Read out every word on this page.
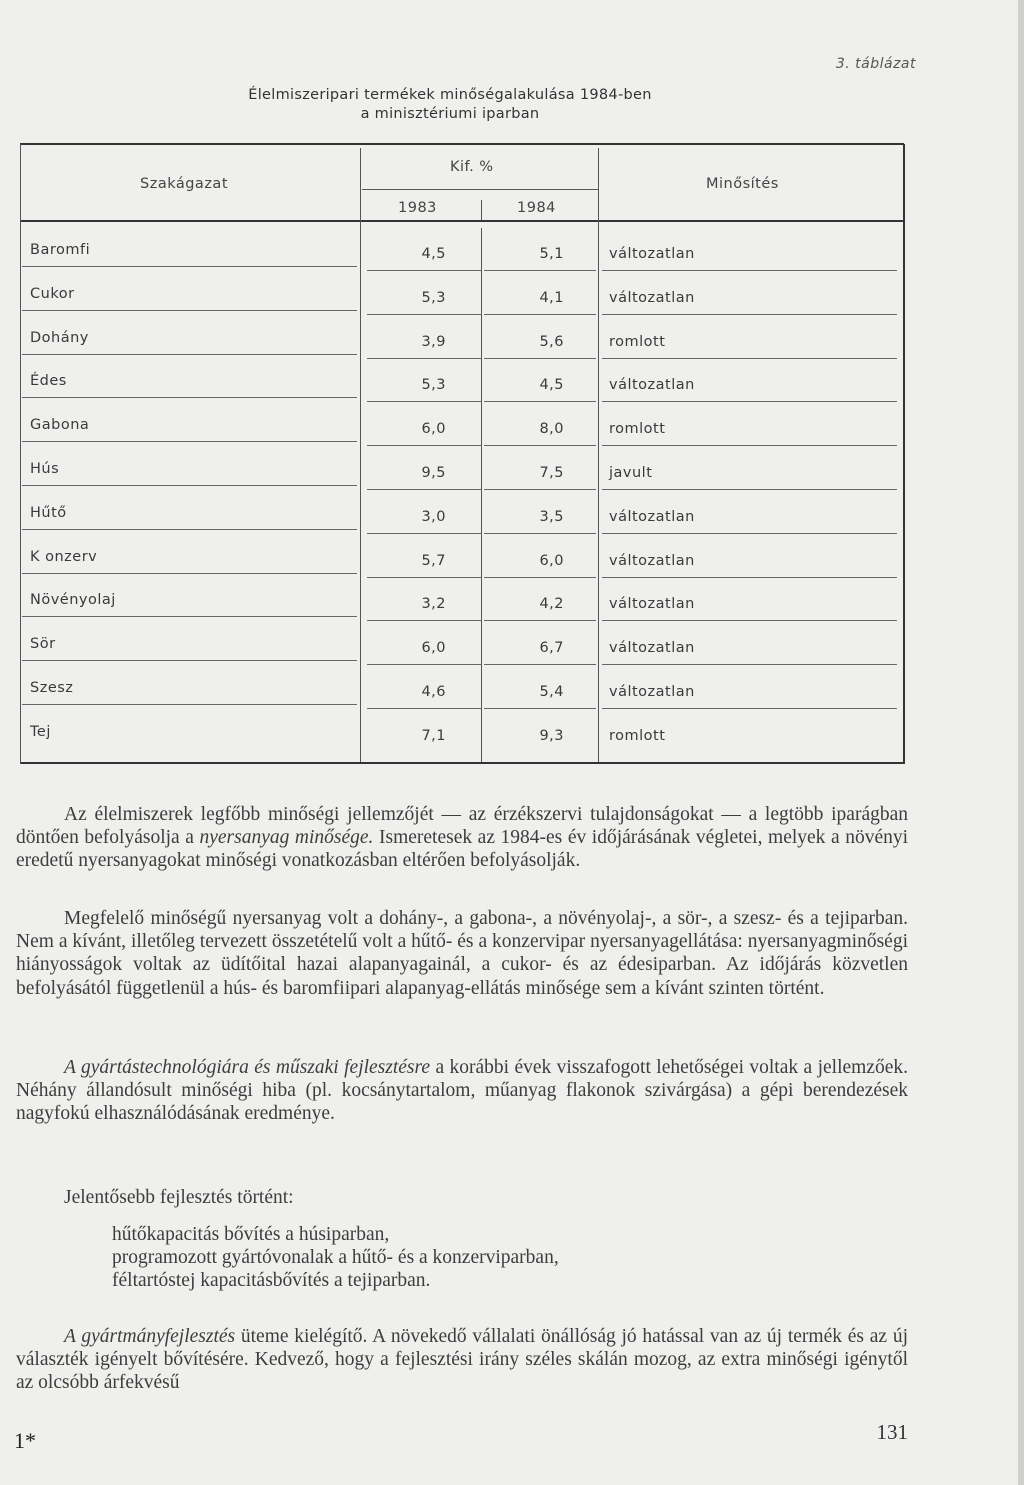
3. táblázat
Élelmiszeripari termékek minőségalakulása 1984-ben
a minisztériumi iparban
Szakágazat
Kif. %
1983	1984
Minősítés
Baromfi	4,5	5,1	változatlan
Cukor	5,3	4,1	változatlan
Dohány	3,9	5,6	romlott
Édes	5,3	4,5	változatlan
Gabona	6,0	8,0	romlott
Hús	9,5	7,5	javult
Hűtő	3,0	3,5	változatlan
K onzerv	5,7	6,0	változatlan
Növényolaj	3,2	4,2	változatlan
Sör	6,0	6,7	változatlan
Szesz	4,6	5,4	változatlan
Tej	7,1	9,3	romlott

Az élelmiszerek legfőbb minőségi jellemzőjét — az érzékszervi tulajdonságokat — a legtöbb iparágban döntően befolyásolja a nyersanyag minősége. Ismeretesek az 1984-es év időjárásának végletei, melyek a növényi eredetű nyersanyagokat minőségi vonatkozásban eltérően befolyásolják.

Megfelelő minőségű nyersanyag volt a dohány-, a gabona-, a növényolaj-, a sör-, a szesz- és a tejiparban. Nem a kívánt, illetőleg tervezett összetételű volt a hűtő- és a konzervipar nyersanyagellátása: nyersanyagminőségi hiányosságok voltak az üdítőital hazai alapanyagainál, a cukor- és az édesiparban. Az időjárás közvetlen befolyásától függetlenül a hús- és baromfiipari alapanyag-ellátás minősége sem a kívánt szinten történt.

A gyártástechnológiára és műszaki fejlesztésre a korábbi évek visszafogott lehetőségei voltak a jellemzőek. Néhány állandósult minőségi hiba (pl. kocsánytartalom, műanyag flakonok szivárgása) a gépi berendezések nagyfokú elhasználódásának eredménye.

Jelentősebb fejlesztés történt:
hűtőkapacitás bővítés a húsiparban,
programozott gyártóvonalak a hűtő- és a konzerviparban,
féltartóstej kapacitásbővítés a tejiparban.

A gyártmányfejlesztés üteme kielégítő. A növekedő vállalati önállóság jó hatással van az új termék és az új választék igényelt bővítésére. Kedvező, hogy a fejlesztési irány széles skálán mozog, az extra minőségi igénytől az olcsóbb árfekvésű

1*	131
